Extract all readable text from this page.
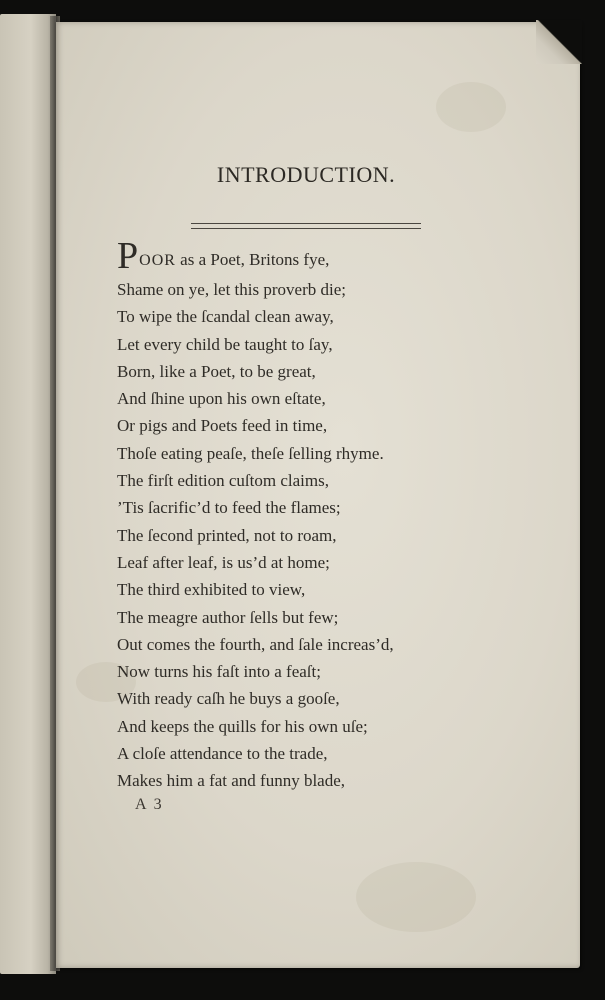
INTRODUCTION.
POOR as a Poet, Britons fye,
Shame on ye, let this proverb die;
To wipe the ſcandal clean away,
Let every child be taught to ſay,
Born, like a Poet, to be great,
And ſhine upon his own eſtate,
Or pigs and Poets feed in time,
Thoſe eating peaſe, theſe ſelling rhyme.
The firſt edition cuſtom claims,
’Tis ſacrific’d to feed the flames;
The ſecond printed, not to roam,
Leaf after leaf, is us’d at home;
The third exhibited to view,
The meagre author ſells but few;
Out comes the fourth, and ſale increas’d,
Now turns his faſt into a feaſt;
With ready caſh he buys a gooſe,
And keeps the quills for his own uſe;
A cloſe attendance to the trade,
Makes him a fat and funny blade,
A 3
